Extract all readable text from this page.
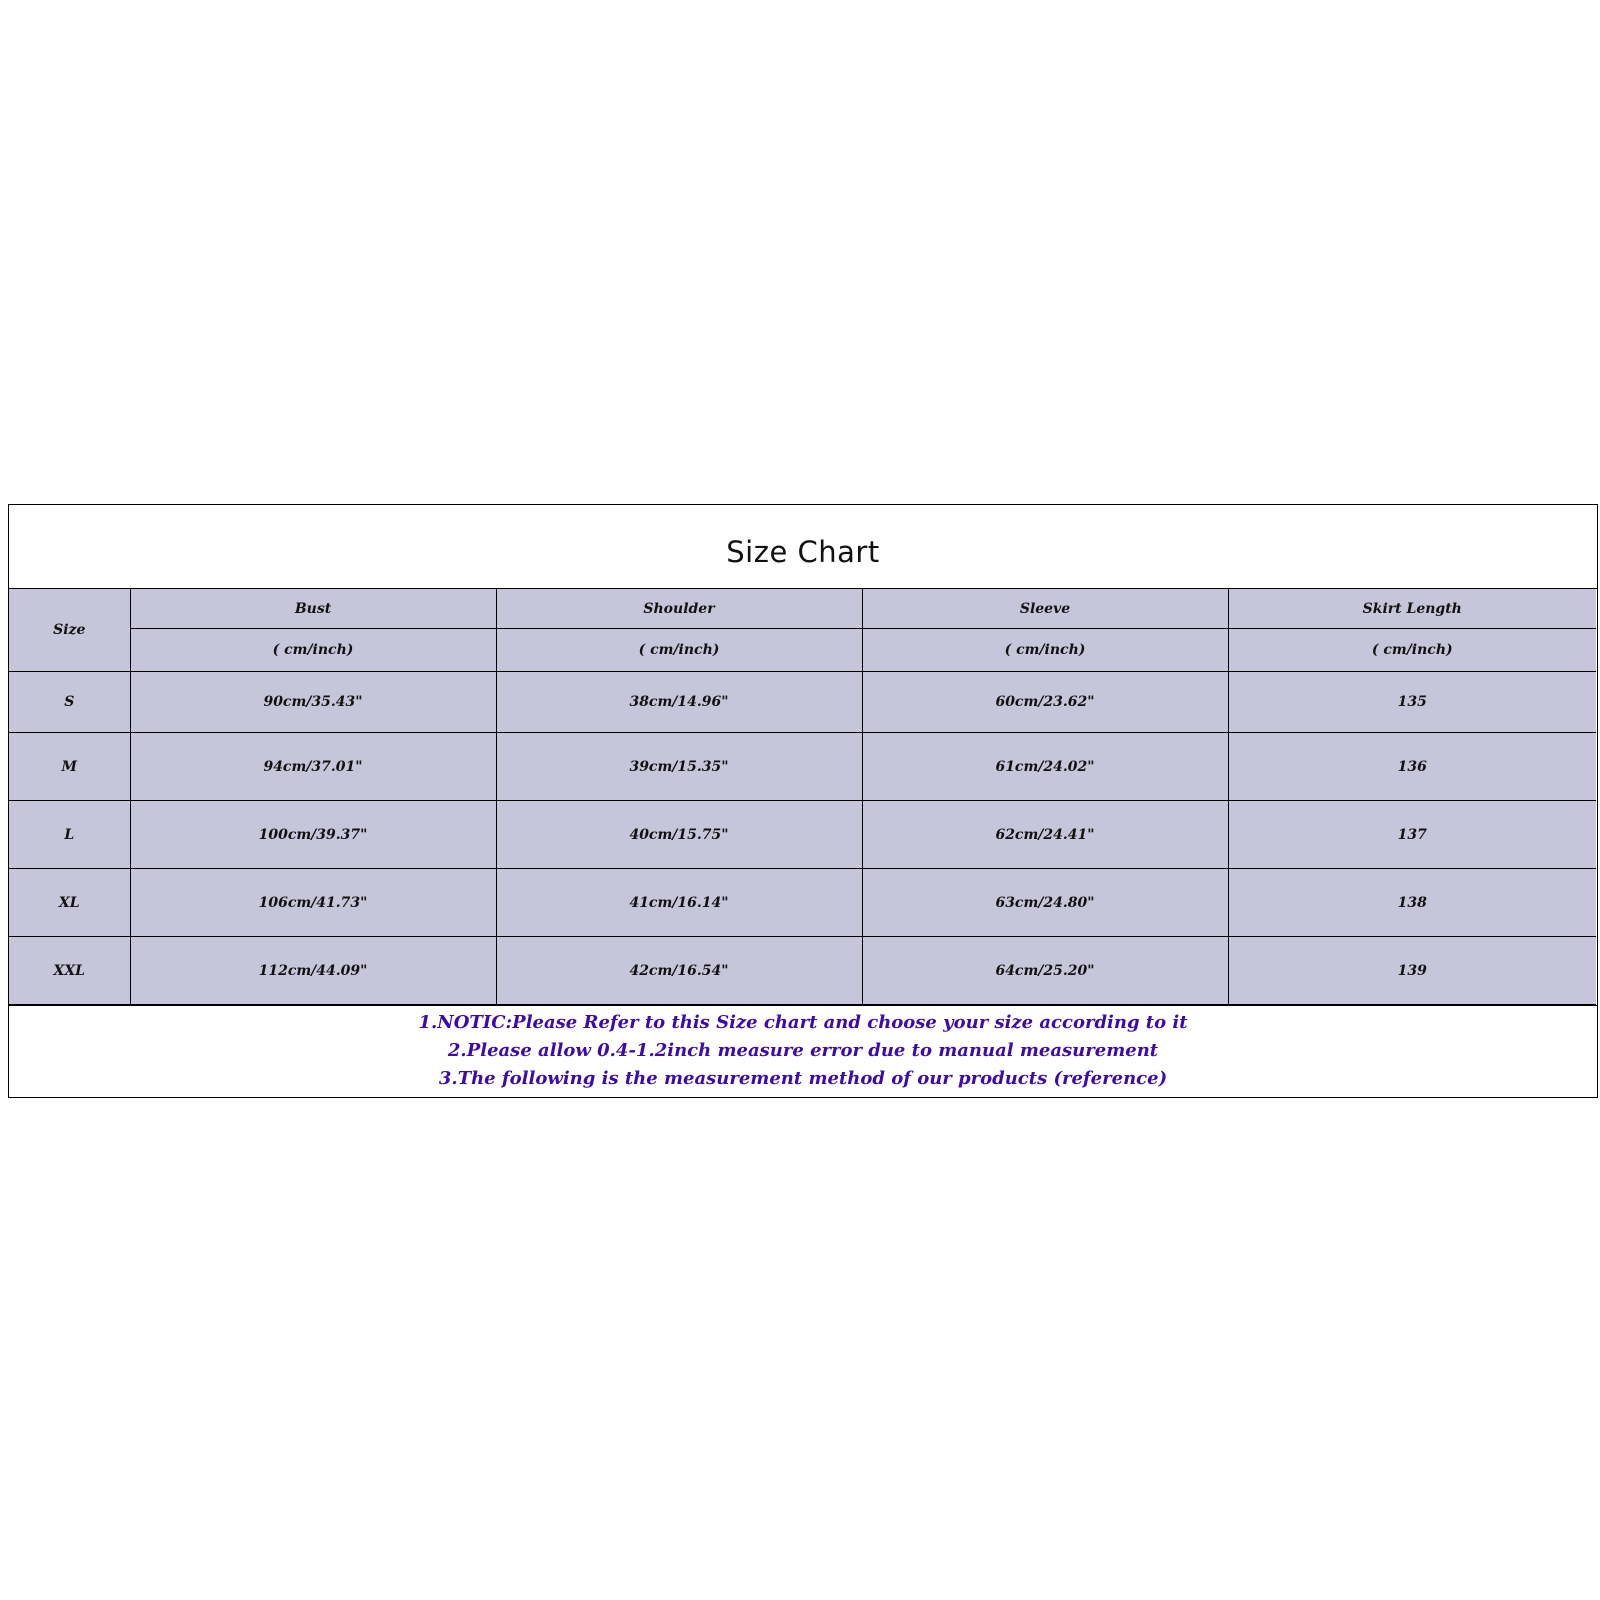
Size Chart
Size	Bust	Shoulder	Sleeve	Skirt Length
	( cm/inch)	( cm/inch)	( cm/inch)	( cm/inch)
S	90cm/35.43"	38cm/14.96"	60cm/23.62"	135
M	94cm/37.01"	39cm/15.35"	61cm/24.02"	136
L	100cm/39.37"	40cm/15.75"	62cm/24.41"	137
XL	106cm/41.73"	41cm/16.14"	63cm/24.80"	138
XXL	112cm/44.09"	42cm/16.54"	64cm/25.20"	139
1.NOTIC:Please Refer to this Size chart and choose your size according to it
2.Please allow 0.4-1.2inch measure error due to manual measurement
3.The following is the measurement method of our products (reference)
